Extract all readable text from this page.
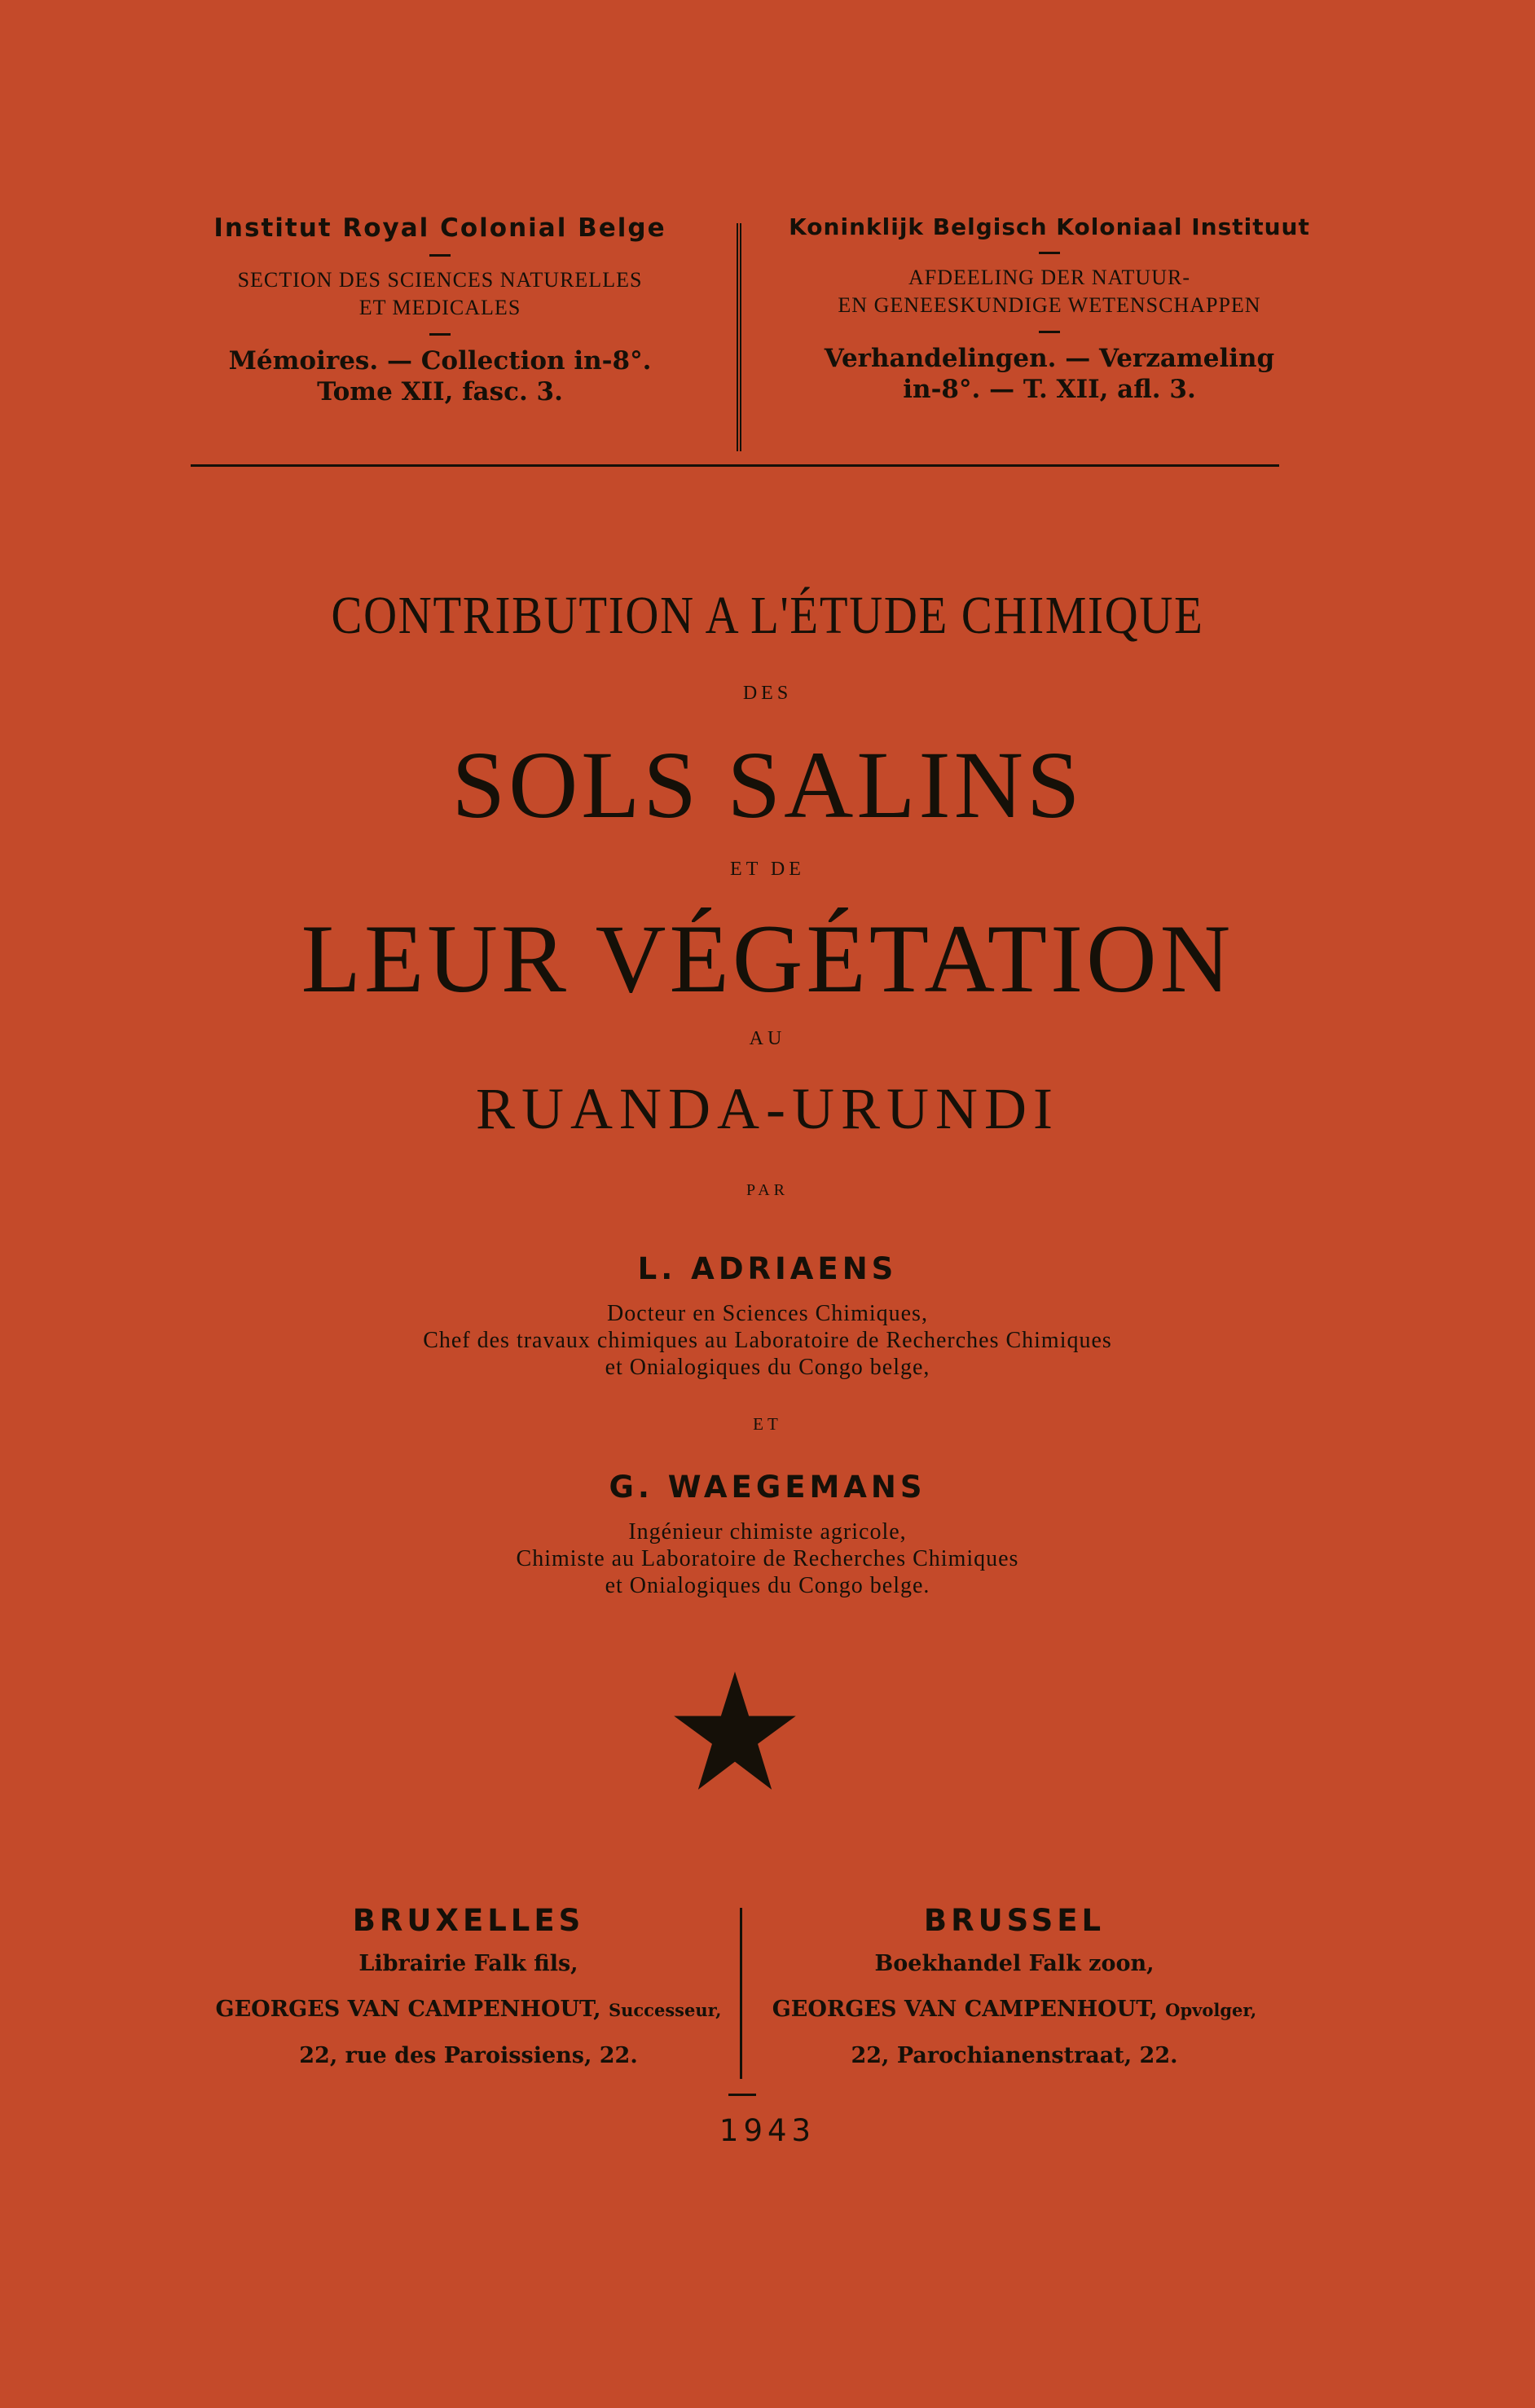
Institut Royal Colonial Belge
SECTION DES SCIENCES NATURELLES
ET MEDICALES
Mémoires. — Collection in-8°.
Tome XII, fasc. 3.
Koninklijk Belgisch Koloniaal Instituut
AFDEELING DER NATUUR-
EN GENEESKUNDIGE WETENSCHAPPEN
Verhandelingen. — Verzameling
in-8°. — T. XII, afl. 3.
CONTRIBUTION A L'ÉTUDE CHIMIQUE
DES
SOLS SALINS
ET DE
LEUR VÉGÉTATION
AU
RUANDA-URUNDI
PAR
L. ADRIAENS
Docteur en Sciences Chimiques,
Chef des travaux chimiques au Laboratoire de Recherches Chimiques
et Onialogiques du Congo belge,
ET
G. WAEGEMANS
Ingénieur chimiste agricole,
Chimiste au Laboratoire de Recherches Chimiques
et Onialogiques du Congo belge.
BRUXELLES
Librairie Falk fils,
GEORGES VAN CAMPENHOUT, Successeur,
22, rue des Paroissiens, 22.
BRUSSEL
Boekhandel Falk zoon,
GEORGES VAN CAMPENHOUT, Opvolger,
22, Parochianenstraat, 22.
1943
